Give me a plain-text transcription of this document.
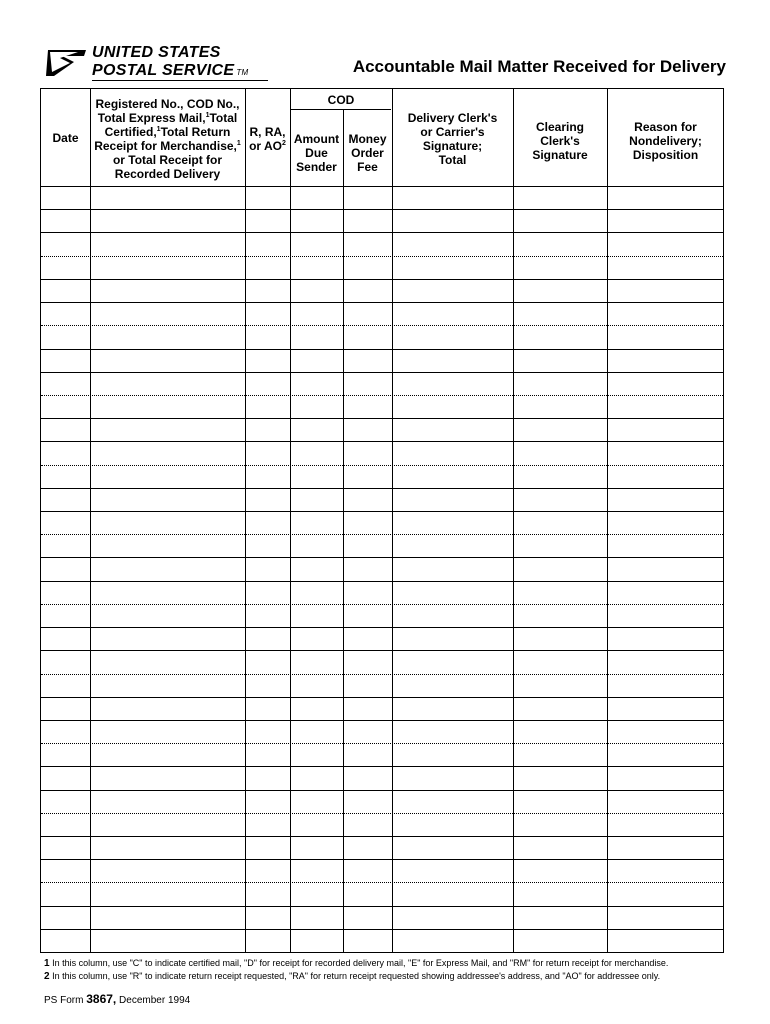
UNITED STATES
POSTAL SERVICE TM	Accountable Mail Matter Received for Delivery
Date
Registered No., COD No.,
Total Express Mail,$^1$Total
Certified,$^1$Total Return
Receipt for Merchandise,$^1$
or Total Receipt for
Recorded Delivery
R, RA,
or $AO^2$
COD
Amount
Due
Sender
Money
Order
Fee
Delivery Clerk's
or Carrier's
Signature;
Total
Clearing
Clerk's
Signature
Reason for
Nondelivery;
Disposition
1 In this column, use "C" to indicate certified mail, "D" for receipt for recorded delivery mail, "E" for Express Mail, and "RM" for return receipt for merchandise.
2 In this column, use "R" to indicate return receipt requested, "RA" for return receipt requested showing addressee's address, and "AO" for addressee only.
PS Form 3867, December 1994
